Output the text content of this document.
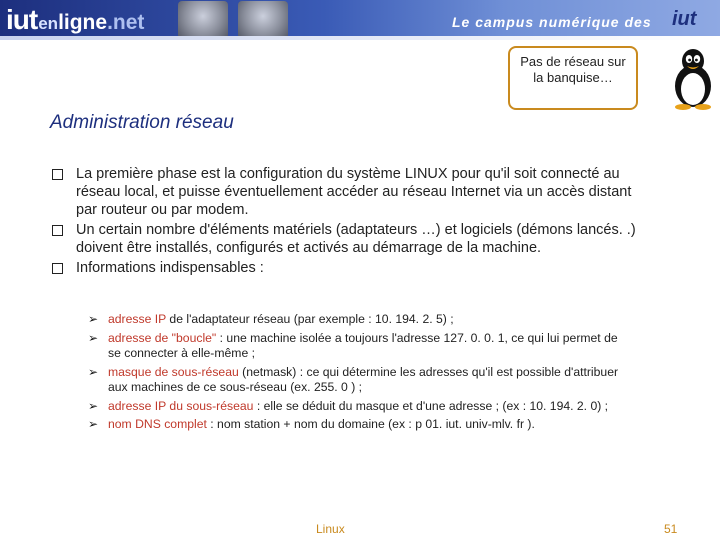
iut en ligne .net	Le campus numérique des iut
Pas de réseau sur
la banquise…
Administration réseau
La première phase est la configuration du système LINUX pour qu'il soit connecté au réseau local, et puisse éventuellement accéder au réseau Internet via un accès distant par routeur ou par modem.
Un certain nombre d'éléments matériels (adaptateurs …) et logiciels (démons lancés. .) doivent être installés, configurés et activés au démarrage de la machine.
Informations indispensables :
➢ adresse IP de l'adaptateur réseau (par exemple : 10. 194. 2. 5) ;
➢ adresse de "boucle" : une machine isolée a toujours l'adresse 127. 0. 0. 1, ce qui lui permet de se connecter à elle-même ;
➢ masque de sous-réseau (netmask) : ce qui détermine les adresses qu'il est possible d'attribuer aux machines de ce sous-réseau (ex. 255. 0 ) ;
➢ adresse IP du sous-réseau : elle se déduit du masque et d'une adresse ; (ex : 10. 194. 2. 0) ;
➢ nom DNS complet : nom station + nom du domaine (ex : p 01. iut. univ-mlv. fr ).
Linux	51
